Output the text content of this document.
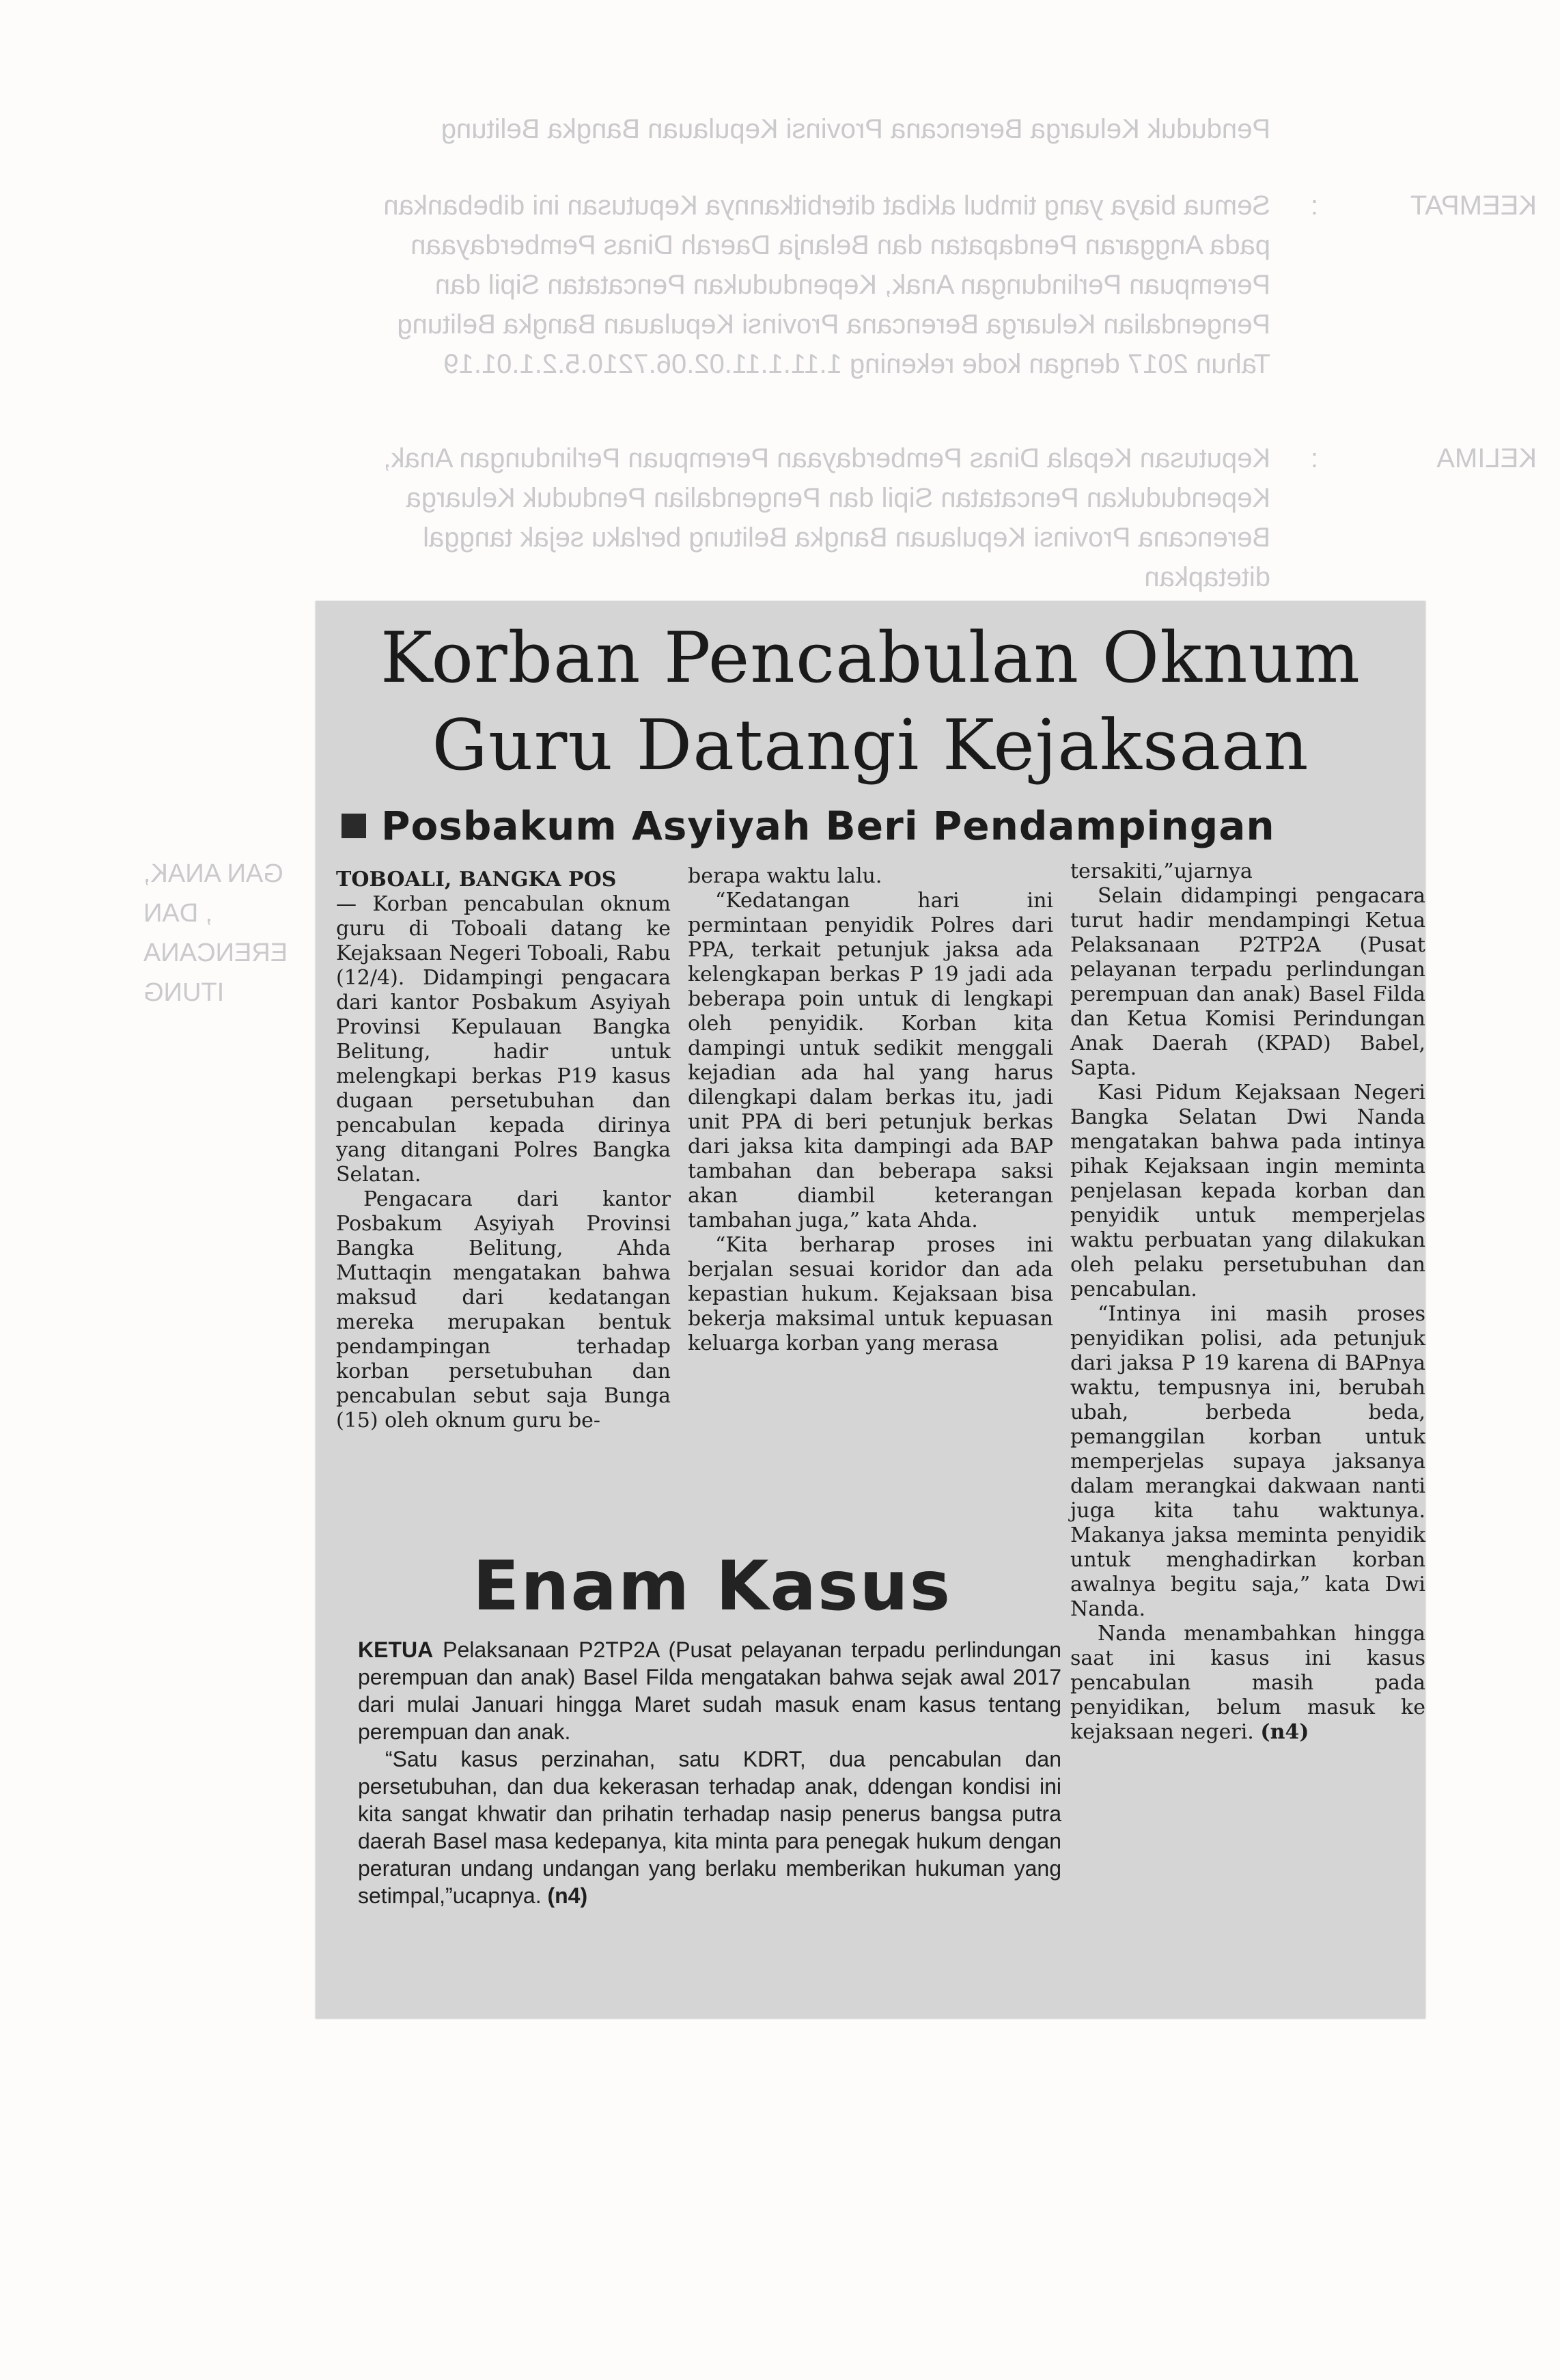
Penduduk Keluarga Berencana Provinsi Kepulauan Bangka Belitung
KEEMPAT
:
Semua biaya yang timbul akibat diterbitkannya Keputusan ini dibebankan
pada Anggaran Pendapatan dan Belanja Daerah Dinas Pemberdayaan
Perempuan Perlindungan Anak, Kependudukan Pencatatan Sipil dan
Pengendalian Keluarga Berencana Provinsi Kepulauan Bangka Belitung
Tahun 2017 dengan kode rekening 1.11.1.11.02.06.7210.5.2.1.01.19
KELIMA
:
Keputusan Kepala Dinas Pemberdayaan Perempuan Perlindungan Anak,
Kependudukan Pencatatan Sipil dan Pengendalian Penduduk Keluarga
Berencana Provinsi Kepulauan Bangka Belitung berlaku sejak tanggal
ditetapkan
GAN ANAK,
, DAN
ERENCANA
ITUNG
Korban Pencabulan Oknum
Guru Datangi Kejaksaan
Posbakum Asyiyah Beri Pendampingan

TOBOALI, BANGKA POS
— Korban pencabulan oknum guru di Toboali datang ke Kejaksaan Negeri Toboali, Rabu (12/4). Didampingi pengacara dari kantor Posbakum Asyiyah Provinsi Kepulauan Bangka Belitung, hadir untuk melengkapi berkas P19 kasus dugaan persetubuhan dan pencabulan kepada dirinya yang ditangani Polres Bangka Selatan.

Pengacara dari kantor Posbakum Asyiyah Provinsi Bangka Belitung, Ahda Muttaqin mengatakan bahwa maksud dari kedatangan mereka merupakan bentuk pendampingan terhadap korban persetubuhan dan pencabulan sebut saja Bunga (15) oleh oknum guru be-

berapa waktu lalu.

“Kedatangan hari ini permintaan penyidik Polres dari PPA, terkait petunjuk jaksa ada kelengkapan berkas P 19 jadi ada beberapa poin untuk di lengkapi oleh penyidik. Korban kita dampingi untuk sedikit menggali kejadian ada hal yang harus dilengkapi dalam berkas itu, jadi unit PPA di beri petunjuk berkas dari jaksa kita dampingi ada BAP tambahan dan beberapa saksi akan diambil keterangan tambahan juga,” kata Ahda.

“Kita berharap proses ini berjalan sesuai koridor dan ada kepastian hukum. Kejaksaan bisa bekerja maksimal untuk kepuasan keluarga korban yang merasa

tersakiti,”ujarnya

Selain didampingi pengacara turut hadir mendampingi Ketua Pelaksanaan P2TP2A (Pusat pelayanan terpadu perlindungan perempuan dan anak) Basel Filda dan Ketua Komisi Perindungan Anak Daerah (KPAD) Babel, Sapta.

Kasi Pidum Kejaksaan Negeri Bangka Selatan Dwi Nanda mengatakan bahwa pada intinya pihak Kejaksaan ingin meminta penjelasan kepada korban dan penyidik untuk memperjelas waktu perbuatan yang dilakukan oleh pelaku persetubuhan dan pencabulan.

“Intinya ini masih proses penyidikan polisi, ada petunjuk dari jaksa P 19 karena di BAPnya waktu, tempusnya ini, berubah ubah, berbeda beda, pemanggilan korban untuk memperjelas supaya jaksanya dalam merangkai dakwaan nanti juga kita tahu waktunya. Makanya jaksa meminta penyidik untuk menghadirkan korban awalnya begitu saja,” kata Dwi Nanda.

Nanda menambahkan hingga saat ini kasus ini kasus pencabulan masih pada penyidikan, belum masuk ke kejaksaan negeri. (n4)

Enam Kasus

KETUA Pelaksanaan P2TP2A (Pusat pelayanan terpadu perlindungan perempuan dan anak) Basel Filda mengatakan bahwa sejak awal 2017 dari mulai Januari hingga Maret sudah masuk enam kasus tentang perempuan dan anak.

“Satu kasus perzinahan, satu KDRT, dua pencabulan dan persetubuhan, dan dua kekerasan terhadap anak, ddengan kondisi ini kita sangat khwatir dan prihatin terhadap nasip penerus bangsa putra daerah Basel masa kedepanya, kita minta para penegak hukum dengan peraturan undang undangan yang berlaku memberikan hukuman yang setimpal,”ucapnya. (n4)
